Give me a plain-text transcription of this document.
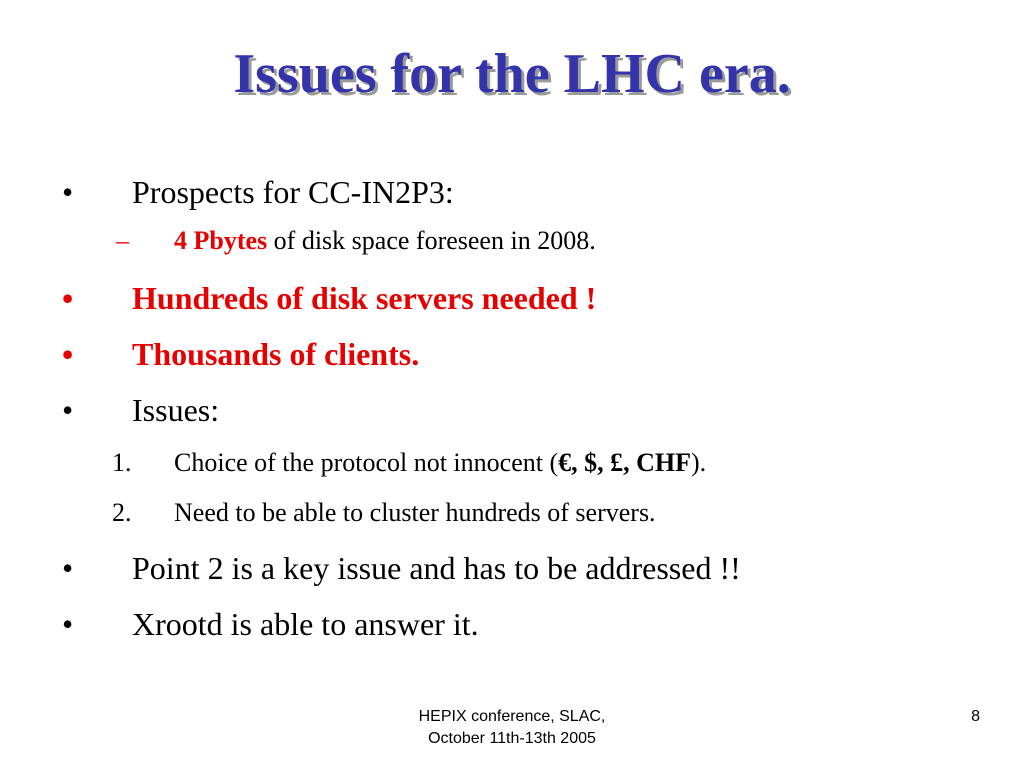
Issues for the LHC era.
• Prospects for CC-IN2P3:
– 4 Pbytes of disk space foreseen in 2008.
• Hundreds of disk servers needed !
• Thousands of clients.
• Issues:
1. Choice of the protocol not innocent (€, $, £, CHF).
2. Need to be able to cluster hundreds of servers.
• Point 2 is a key issue and has to be addressed !!
• Xrootd is able to answer it.
HEPIX conference, SLAC,
October 11th-13th 2005
8
